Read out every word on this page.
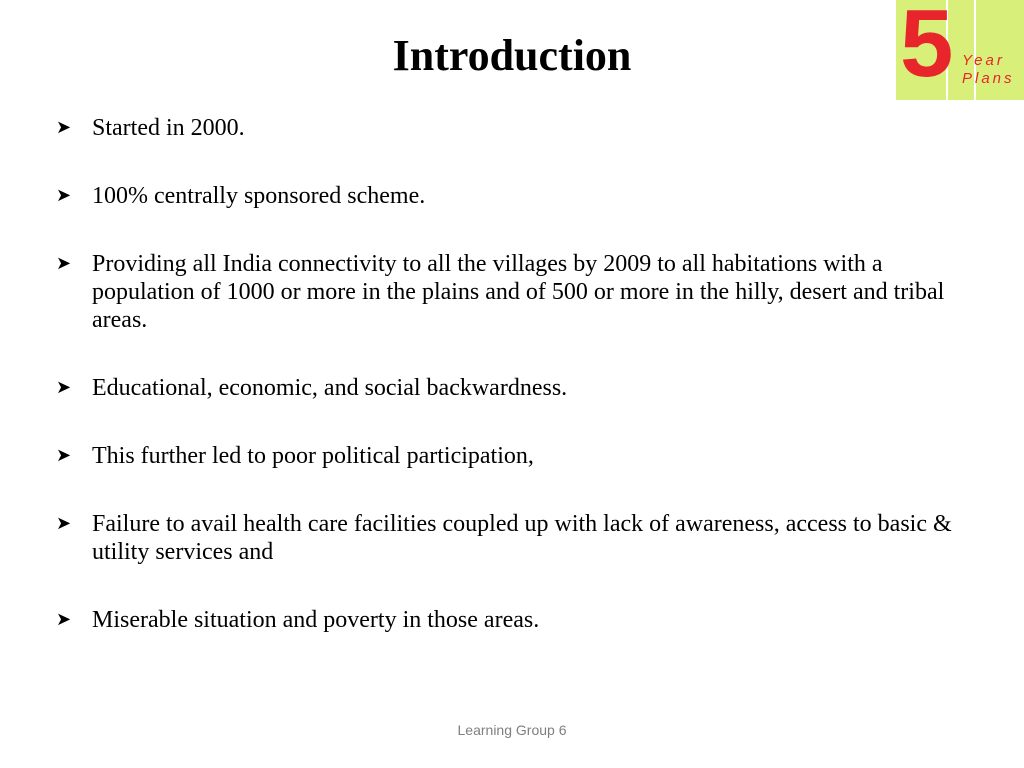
Introduction	5 Year
Plans
➤ Started in 2000.
➤ 100% centrally sponsored scheme.
➤ Providing all India connectivity to all the villages by 2009 to all habitations with a population of 1000 or more in the plains and of 500 or more in the hilly, desert and tribal areas.
➤ Educational, economic, and social backwardness.
➤ This further led to poor political participation,
➤ Failure to avail health care facilities coupled up with lack of awareness, access to basic & utility services and
➤ Miserable situation and poverty in those areas.
Learning Group 6
